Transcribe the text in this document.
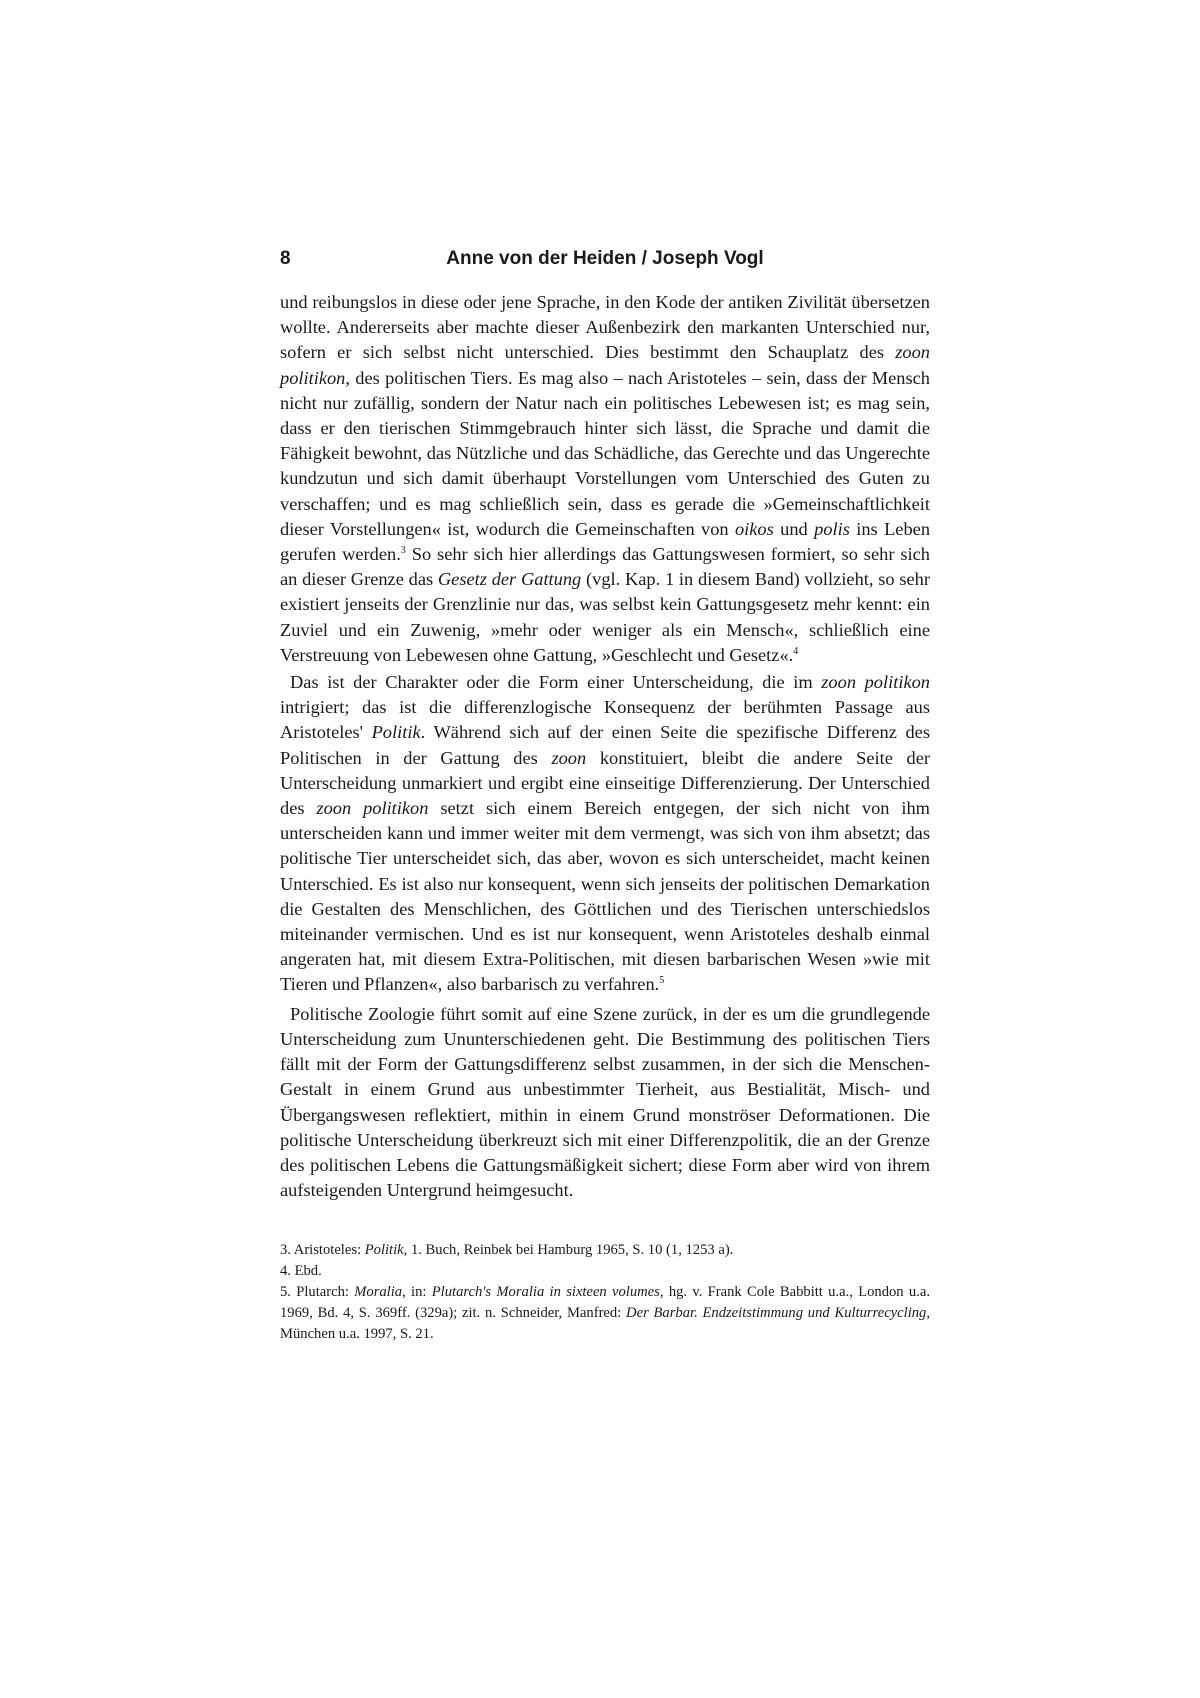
8	Anne von der Heiden / Joseph Vogl

und reibungslos in diese oder jene Sprache, in den Kode der antiken Zivilität übersetzen wollte. Andererseits aber machte dieser Außenbezirk den markanten Unterschied nur, sofern er sich selbst nicht unterschied. Dies bestimmt den Schauplatz des zoon politikon, des politischen Tiers. Es mag also – nach Aristoteles – sein, dass der Mensch nicht nur zufällig, sondern der Natur nach ein politisches Lebewesen ist; es mag sein, dass er den tierischen Stimmgebrauch hinter sich lässt, die Sprache und damit die Fähigkeit bewohnt, das Nützliche und das Schädliche, das Gerechte und das Ungerechte kundzutun und sich damit überhaupt Vorstellungen vom Unterschied des Guten zu verschaffen; und es mag schließlich sein, dass es gerade die »Gemeinschaftlichkeit dieser Vorstellungen« ist, wodurch die Gemeinschaften von oikos und polis ins Leben gerufen werden.$^3$ So sehr sich hier allerdings das Gattungswesen formiert, so sehr sich an dieser Grenze das Gesetz der Gattung (vgl. Kap. 1 in diesem Band) vollzieht, so sehr existiert jenseits der Grenzlinie nur das, was selbst kein Gattungsgesetz mehr kennt: ein Zuviel und ein Zuwenig, »mehr oder weniger als ein Mensch«, schließlich eine Verstreuung von Lebewesen ohne Gattung, »Geschlecht und Gesetz«.$^4$

Das ist der Charakter oder die Form einer Unterscheidung, die im zoon politikon intrigiert; das ist die differenzlogische Konsequenz der berühmten Passage aus Aristoteles' Politik. Während sich auf der einen Seite die spezifische Differenz des Politischen in der Gattung des zoon konstituiert, bleibt die andere Seite der Unterscheidung unmarkiert und ergibt eine einseitige Differenzierung. Der Unterschied des zoon politikon setzt sich einem Bereich entgegen, der sich nicht von ihm unterscheiden kann und immer weiter mit dem vermengt, was sich von ihm absetzt; das politische Tier unterscheidet sich, das aber, wovon es sich unterscheidet, macht keinen Unterschied. Es ist also nur konsequent, wenn sich jenseits der politischen Demarkation die Gestalten des Menschlichen, des Göttlichen und des Tierischen unterschiedslos miteinander vermischen. Und es ist nur konsequent, wenn Aristoteles deshalb einmal angeraten hat, mit diesem Extra-Politischen, mit diesen barbarischen Wesen »wie mit Tieren und Pflanzen«, also barbarisch zu verfahren.$^5$

Politische Zoologie führt somit auf eine Szene zurück, in der es um die grundlegende Unterscheidung zum Ununterschiedenen geht. Die Bestimmung des politischen Tiers fällt mit der Form der Gattungsdifferenz selbst zusammen, in der sich die Menschen-Gestalt in einem Grund aus unbestimmter Tierheit, aus Bestialität, Misch- und Übergangswesen reflektiert, mithin in einem Grund monströser Deformationen. Die politische Unterscheidung überkreuzt sich mit einer Differenzpolitik, die an der Grenze des politischen Lebens die Gattungsmäßigkeit sichert; diese Form aber wird von ihrem aufsteigenden Untergrund heimgesucht.

3. Aristoteles: Politik, 1. Buch, Reinbek bei Hamburg 1965, S. 10 (1, 1253 a).
4. Ebd.
5. Plutarch: Moralia, in: Plutarch's Moralia in sixteen volumes, hg. v. Frank Cole Babbitt u.a., London u.a. 1969, Bd. 4, S. 369ff. (329a); zit. n. Schneider, Manfred: Der Barbar. Endzeitstimmung und Kulturrecycling, München u.a. 1997, S. 21.
